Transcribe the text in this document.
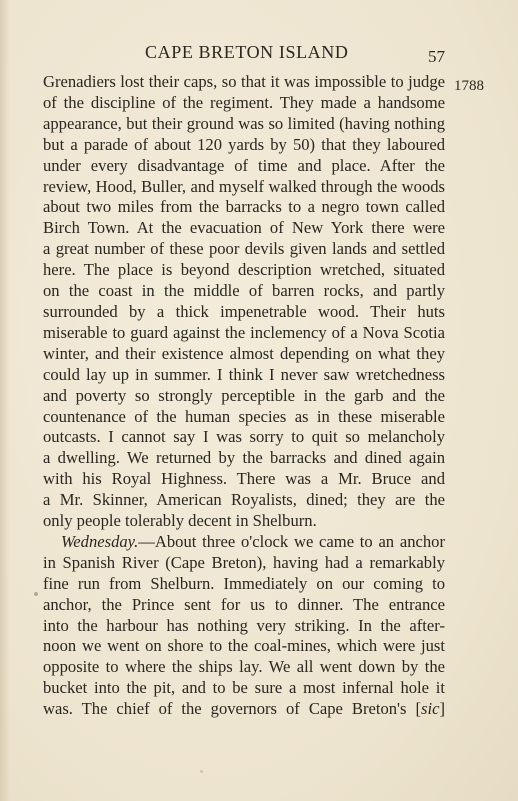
CAPE BRETON ISLAND	57
1788
Grenadiers lost their caps, so that it was impossible to judge
of the discipline of the regiment. They made a handsome
appearance, but their ground was so limited (having nothing
but a parade of about 120 yards by 50) that they laboured
under every disadvantage of time and place. After the
review, Hood, Buller, and myself walked through the woods
about two miles from the barracks to a negro town called
Birch Town. At the evacuation of New York there were
a great number of these poor devils given lands and settled
here. The place is beyond description wretched, situated
on the coast in the middle of barren rocks, and partly
surrounded by a thick impenetrable wood. Their huts
miserable to guard against the inclemency of a Nova Scotia
winter, and their existence almost depending on what they
could lay up in summer. I think I never saw wretchedness
and poverty so strongly perceptible in the garb and the
countenance of the human species as in these miserable
outcasts. I cannot say I was sorry to quit so melancholy
a dwelling. We returned by the barracks and dined again
with his Royal Highness. There was a Mr. Bruce and
a Mr. Skinner, American Royalists, dined; they are the
only people tolerably decent in Shelburn.
Wednesday.—About three o'clock we came to an anchor
in Spanish River (Cape Breton), having had a remarkably
fine run from Shelburn. Immediately on our coming to
anchor, the Prince sent for us to dinner. The entrance
into the harbour has nothing very striking. In the after-
noon we went on shore to the coal-mines, which were just
opposite to where the ships lay. We all went down by the
bucket into the pit, and to be sure a most infernal hole it
was. The chief of the governors of Cape Breton's [sic]
